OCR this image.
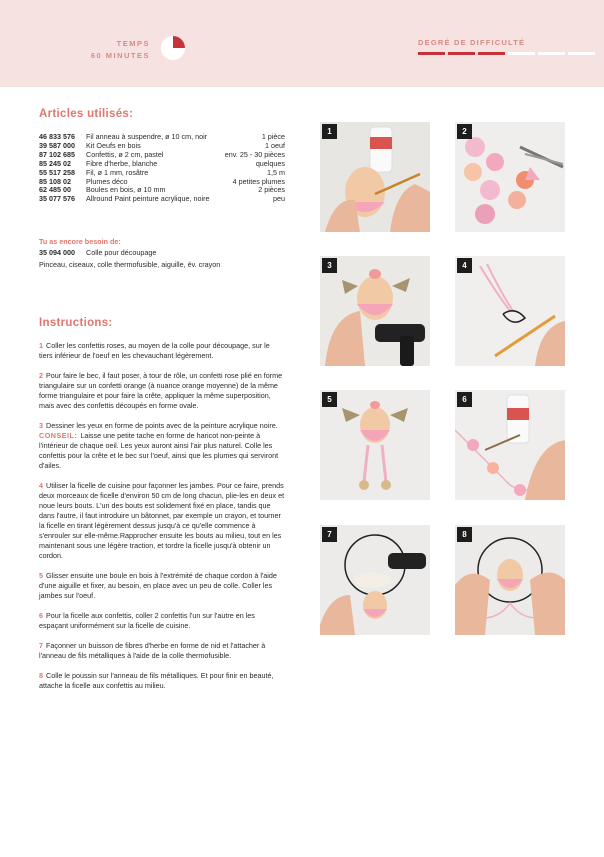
TEMPS
60 MINUTES
DEGRÉ DE DIFFICULTÉ
Articles utilisés:
46 833 576	Fil anneau à suspendre, ø 10 cm, noir	1 pièce
39 587 000	Kit Oeufs en bois	1 oeuf
87 102 685	Confettis, ø 2 cm, pastel	env. 25 - 30 pièces
85 245 02	Fibre d'herbe, blanche	quelques
55 517 258	Fil, ø 1 mm, rosâtre	1,5 m
85 108 02	Plumes déco	4 petites plumes
62 485 00	Boules en bois, ø 10 mm	2 pièces
35 077 576	Allround Paint peinture acrylique, noire	peu
Tu as encore besoin de:
35 094 000 Colle pour découpage
Pinceau, ciseaux, colle thermofusible, aiguille, év. crayon
Instructions:
1 Coller les confettis roses, au moyen de la colle pour découpage, sur le tiers inférieur de l'oeuf en les chevauchant légèrement.
2 Pour faire le bec, il faut poser, à tour de rôle, un confetti rose plié en forme triangulaire sur un confetti orange (à nuance orange moyenne) de la même forme triangulaire et pour faire la crête, appliquer la même superposition, mais avec des confettis découpés en forme ovale.
3 Dessiner les yeux en forme de points avec de la peinture acrylique noire.
CONSEIL: Laisse une petite tache en forme de haricot non-peinte à l'intérieur de chaque oeil. Les yeux auront ainsi l'air plus naturel. Colle les confettis pour la crête et le bec sur l'oeuf, ainsi que les plumes qui serviront d'ailes.
4 Utiliser la ficelle de cuisine pour façonner les jambes. Pour ce faire, prends deux morceaux de ficelle d'environ 50 cm de long chacun, plie-les en deux et noue leurs bouts. L'un des bouts est solidement fixé en place, tandis que dans l'autre, il faut introduire un bâtonnet, par exemple un crayon, et tourner la ficelle en tirant légèrement dessus jusqu'à ce qu'elle commence à s'enrouler sur elle-même.Rapprocher ensuite les bouts au milieu, tout en les maintenant sous une légère traction, et tordre la ficelle jusqu'à obtenir un cordon.
5 Glisser ensuite une boule en bois à l'extrémité de chaque cordon à l'aide d'une aiguille et fixer, au besoin, en place avec un peu de colle. Coller les jambes sur l'oeuf.
6 Pour la ficelle aux confettis, coller 2 confettis l'un sur l'autre en les espaçant uniformément sur la ficelle de cuisine.
7 Façonner un buisson de fibres d'herbe en forme de nid et l'attacher à l'anneau de fils métalliques à l'aide de la colle thermofusible.
8 Colle le poussin sur l'anneau de fils métalliques. Et pour finir en beauté, attache la ficelle aux confettis au milieu.
1	2
3	4
5	6
7	8
